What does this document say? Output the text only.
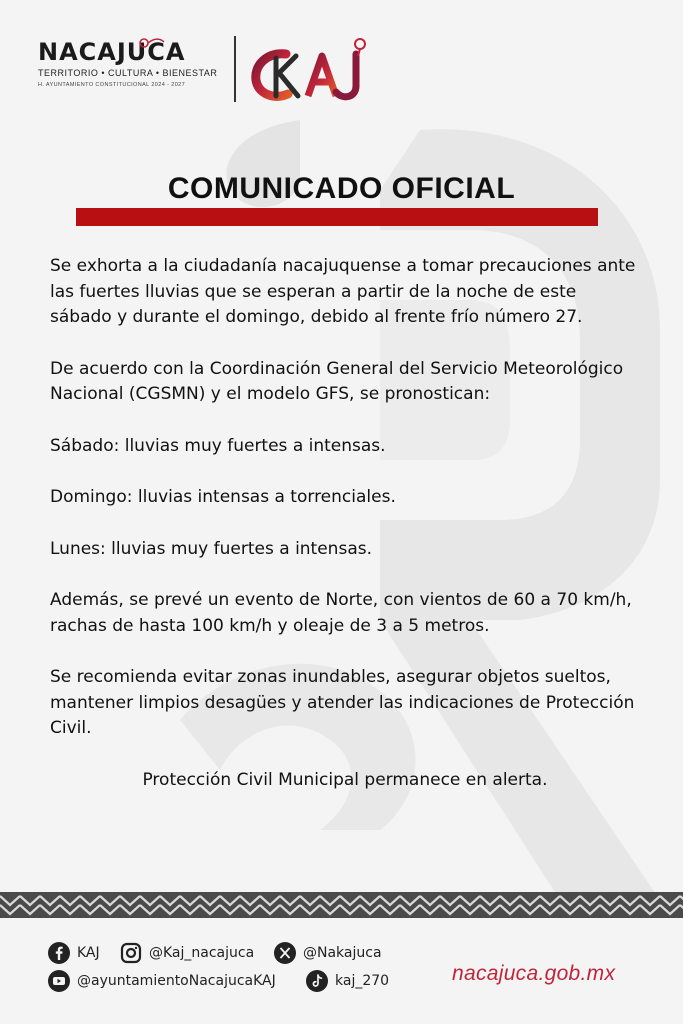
NACAJUCA
TERRITORIO • CULTURA • BIENESTAR
H. AYUNTAMIENTO CONSTITUCIONAL 2024 - 2027
COMUNICADO OFICIAL

Se exhorta a la ciudadanía nacajuquense a tomar precauciones ante las fuertes lluvias que se esperan a partir de la noche de este sábado y durante el domingo, debido al frente frío número 27.

De acuerdo con la Coordinación General del Servicio Meteorológico Nacional (CGSMN) y el modelo GFS, se pronostican:

Sábado: lluvias muy fuertes a intensas.

Domingo: lluvias intensas a torrenciales.

Lunes: lluvias muy fuertes a intensas.

Además, se prevé un evento de Norte, con vientos de 60 a 70 km/h, rachas de hasta 100 km/h y oleaje de 3 a 5 metros.

Se recomienda evitar zonas inundables, asegurar objetos sueltos, mantener limpios desagües y atender las indicaciones de Protección Civil.

Protección Civil Municipal permanece en alerta.

KAJ	@Kaj_nacajuca	@Nakajuca
@ayuntamientoNacajucaKAJ	kaj_270	nacajuca.gob.mx
